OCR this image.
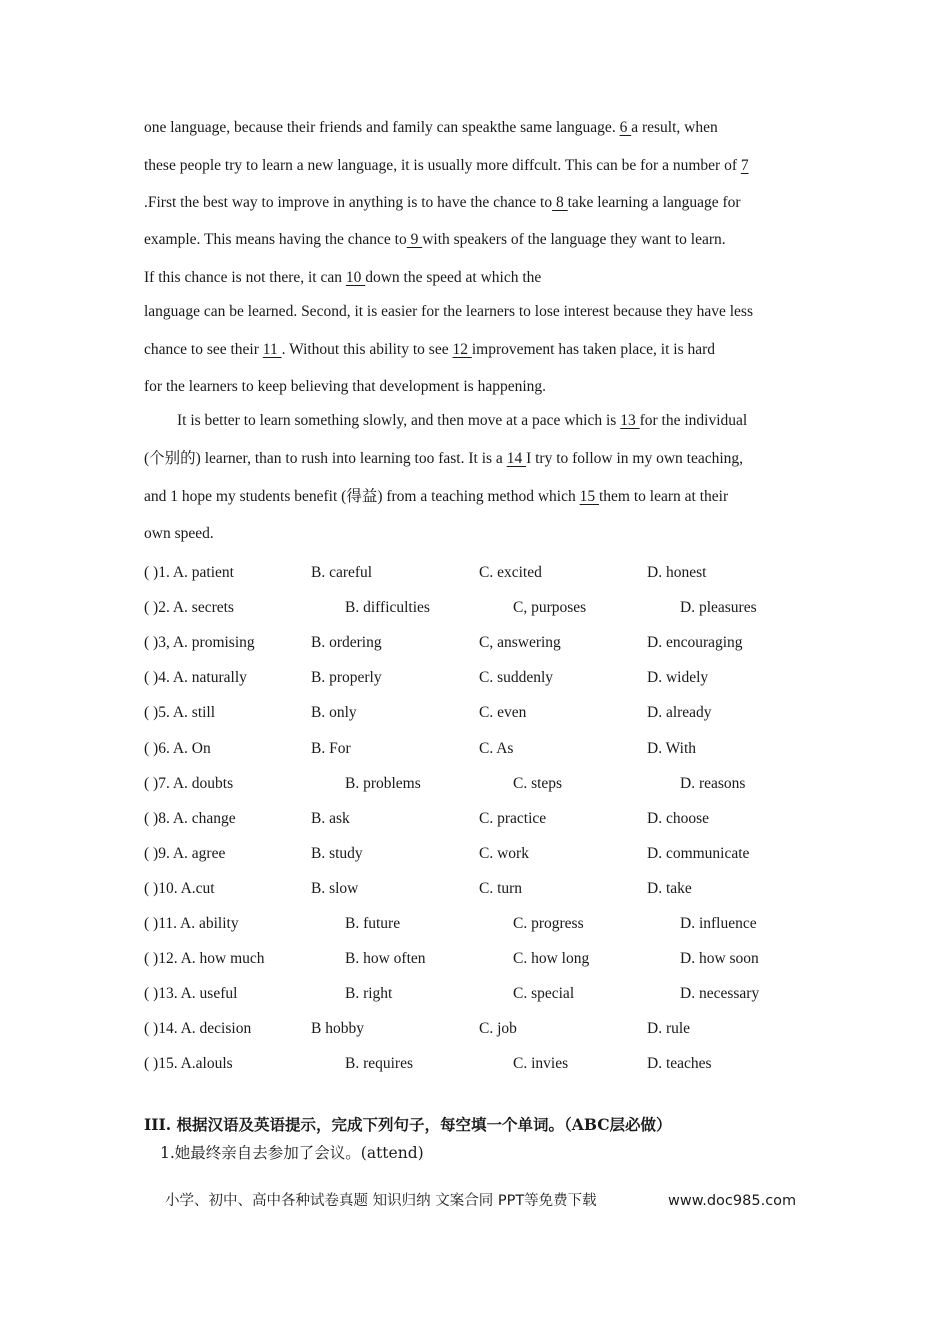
one language, because their friends and family can speakthe same language. 6 a result, when
these people try to learn a new language, it is usually more diffcult. This can be for a number of 7
.First the best way to improve in anything is to have the chance to 8 take learning a language for
example. This means having the chance to 9 with speakers of the language they want to learn.
If this chance is not there, it can 10 down the speed at which the
language can be learned. Second, it is easier for the learners to lose interest because they have less
chance to see their 11 . Without this ability to see 12 improvement has taken place, it is hard
for the learners to keep believing that development is happening.
It is better to learn something slowly, and then move at a pace which is 13 for the individual
(个别的) learner, than to rush into learning too fast. It is a 14 I try to follow in my own teaching,
and 1 hope my students benefit (得益) from a teaching method which 15 them to learn at their
own speed.
( )1. A. patient	B. careful	C. excited	D. honest
( )2. A. secrets	B. difficulties	C, purposes	D. pleasures
( )3, A. promising	B. ordering	C, answering	D. encouraging
( )4. A. naturally	B. properly	C. suddenly	D. widely
( )5. A. still	B. only	C. even	D. already
( )6. A. On	B. For	C. As	D. With
( )7. A. doubts	B. problems	C. steps	D. reasons
( )8. A. change	B. ask	C. practice	D. choose
( )9. A. agree	B. study	C. work	D. communicate
( )10. A.cut	B. slow	C. turn	D. take
( )11. A. ability	B. future	C. progress	D. influence
( )12. A. how much	B. how often	C. how long	D. how soon
( )13. A. useful	B. right	C. special	D. necessary
( )14. A. decision	B hobby	C. job	D. rule
( )15. A.alouls	B. requires	C. invies	D. teaches
III. 根据汉语及英语提示，完成下列句子，每空填一个单词。（ABC层必做）
1.她最终亲自去参加了会议。(attend)
小学、初中、高中各种试卷真题 知识归纳 文案合同 PPT等免费下载	www.doc985.com
